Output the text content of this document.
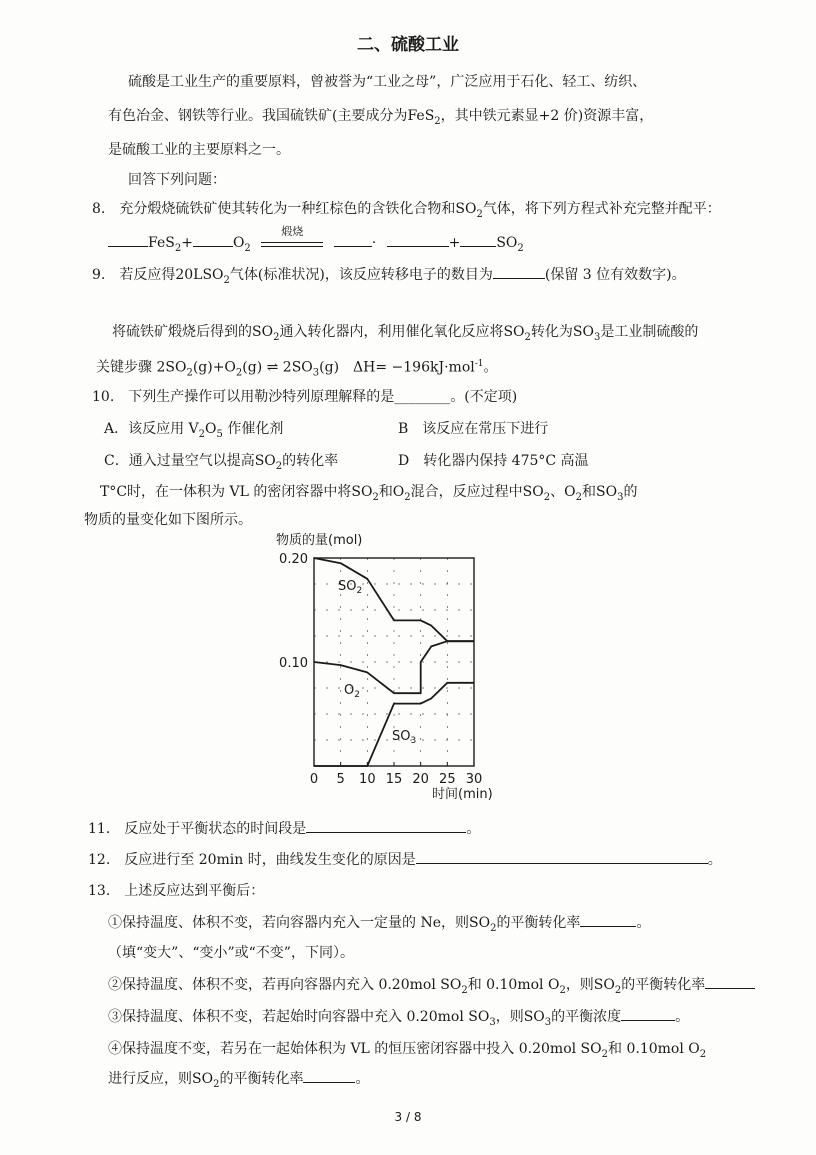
二、硫酸工业
硫酸是工业生产的重要原料，曾被誉为“工业之母”，广泛应用于石化、轻工、纺织、
有色冶金、钢铁等行业。我国硫铁矿(主要成分为FeS$_2$，其中铁元素显+2 价)资源丰富，
是硫酸工业的主要原料之一。
回答下列问题：
8.　充分煅烧硫铁矿使其转化为一种红棕色的含铁化合物和$SO_2$气体，将下列方程式补充完整并配平：
FeS$_2$+	$O_2$
煅烧
·	+	$SO_2$
9.　若反应得$20LSO_2$气体(标准状况)，该反应转移电子的数目为	(保留 3 位有效数字)。
将硫铁矿煅烧后得到的$SO_2$通入转化器内，利用催化氧化反应将$SO_2$转化为$SO_3$是工业制硫酸的
关键步骤 $2SO_2(g)+O_2(g)$ ⇌ $2SO_3(g)$　ΔH= −196kJ·mol$^{-1}$。
10.　下列生产操作可以用勒沙特列原理解释的是________。(不定项)
A．该反应用 $V_2O_5$ 作催化剂	B　该反应在常压下进行
C．通入过量空气以提高$SO_2$的转化率	D　转化器内保持 475°C 高温
T°C时，在一体积为 VL 的密闭容器中将$SO_2$和$O_2$混合，反应过程中$SO_2$、$O_2$和$SO_3$的
物质的量变化如下图所示。
物质的量(mol)
时间(min)
0 5 10 15 20 25 30
0.10
0.20
$SO_2$
$O_2$
$SO_3$
11.　反应处于平衡状态的时间段是	。
12.　反应进行至 20min 时，曲线发生变化的原因是	。
13.　上述反应达到平衡后：
①保持温度、体积不变，若向容器内充入一定量的 Ne，则$SO_2$的平衡转化率	。
（填“变大”、“变小”或“不变”，下同）。
②保持温度、体积不变，若再向容器内充入 0.20mol $SO_2$和 0.10mol $O_2$，则$SO_2$的平衡转化率
③保持温度、体积不变，若起始时向容器中充入 0.20mol $SO_3$，则$SO_3$的平衡浓度	。
④保持温度不变，若另在一起始体积为 VL 的恒压密闭容器中投入 0.20mol $SO_2$和 0.10mol $O_2$
进行反应，则$SO_2$的平衡转化率	。
3 / 8
